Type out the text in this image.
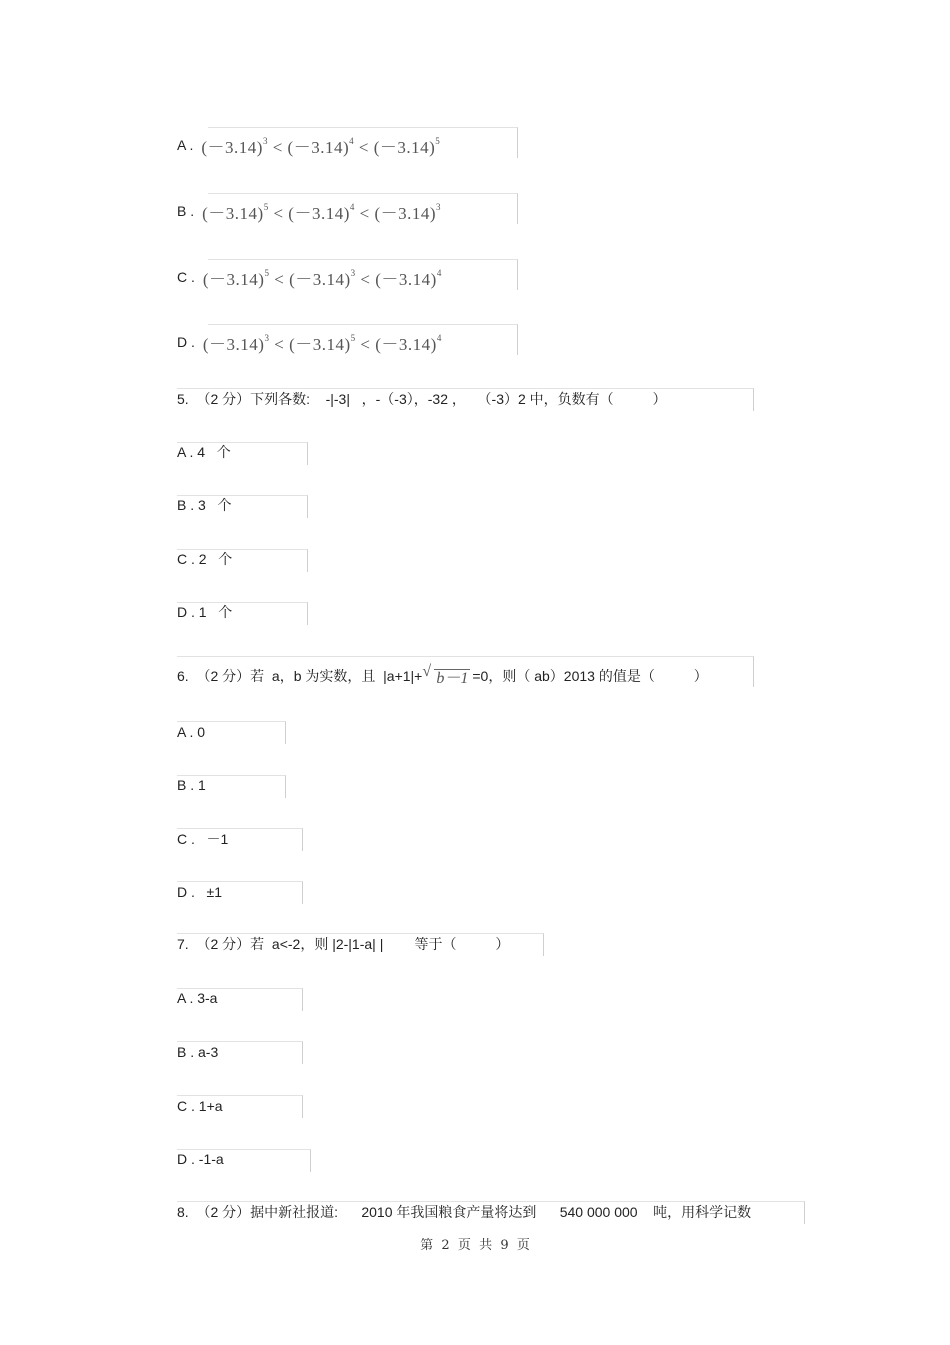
A . $(-3.14)^3 < (-3.14)^4 < (-3.14)^5$
B . $(-3.14)^5 < (-3.14)^4 < (-3.14)^3$
C . $(-3.14)^5 < (-3.14)^3 < (-3.14)^4$
D . $(-3.14)^3 < (-3.14)^5 < (-3.14)^4$
5.  （2 分）下列各数:    -|-3|   ，-（-3），-32 ，   （-3）2 中，负数有（          ）
A . 4   个
B . 3   个
C . 2   个
D . 1   个
6.  （2 分）若  a，b 为实数，且  |a+1|+ √ b－1 =0，则（ ab）2013 的值是（          ）
A . 0
B . 1
C .   －1
D .   ±1
7.  （2 分）若  a<-2，则 |2-|1-a| |        等于（          ）
A . 3-a
B . a-3
C . 1+a
D . -1-a
8.  （2 分）据中新社报道:      2010 年我国粮食产量将达到      540 000 000    吨，用科学记数
第  2  页  共  9  页
